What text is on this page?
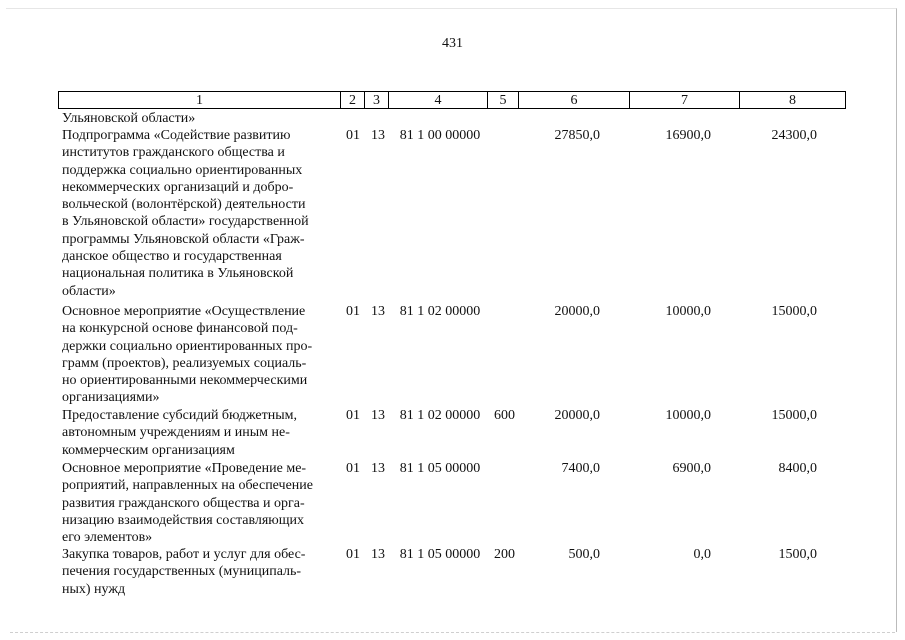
431
1	2	3	4	5	6	7	8
Ульяновской области»
Подпрограмма «Содействие развитию
институтов гражданского общества и
поддержка социально ориентированных
некоммерческих организаций и добро-
вольческой (волонтёрской) деятельности
в Ульяновской области» государственной
программы Ульяновской области «Граж-
данское общество и государственная
национальная политика в Ульяновской
области»
01 13	81 1 00 00000	27850,0	16900,0	24300,0
Основное мероприятие «Осуществление
на конкурсной основе финансовой под-
держки социально ориентированных про-
грамм (проектов), реализуемых социаль-
но ориентированными некоммерческими
организациями»
01 13	81 1 02 00000	20000,0	10000,0	15000,0
Предоставление субсидий бюджетным,
автономным учреждениям и иным не-
коммерческим организациям
01 13	81 1 02 00000 600	20000,0	10000,0	15000,0
Основное мероприятие «Проведение ме-
роприятий, направленных на обеспечение
развития гражданского общества и орга-
низацию взаимодействия составляющих
его элементов»
01 13	81 1 05 00000	7400,0	6900,0	8400,0
Закупка товаров, работ и услуг для обес-
печения государственных (муниципаль-
ных) нужд
01 13	81 1 05 00000 200	500,0	0,0	1500,0
